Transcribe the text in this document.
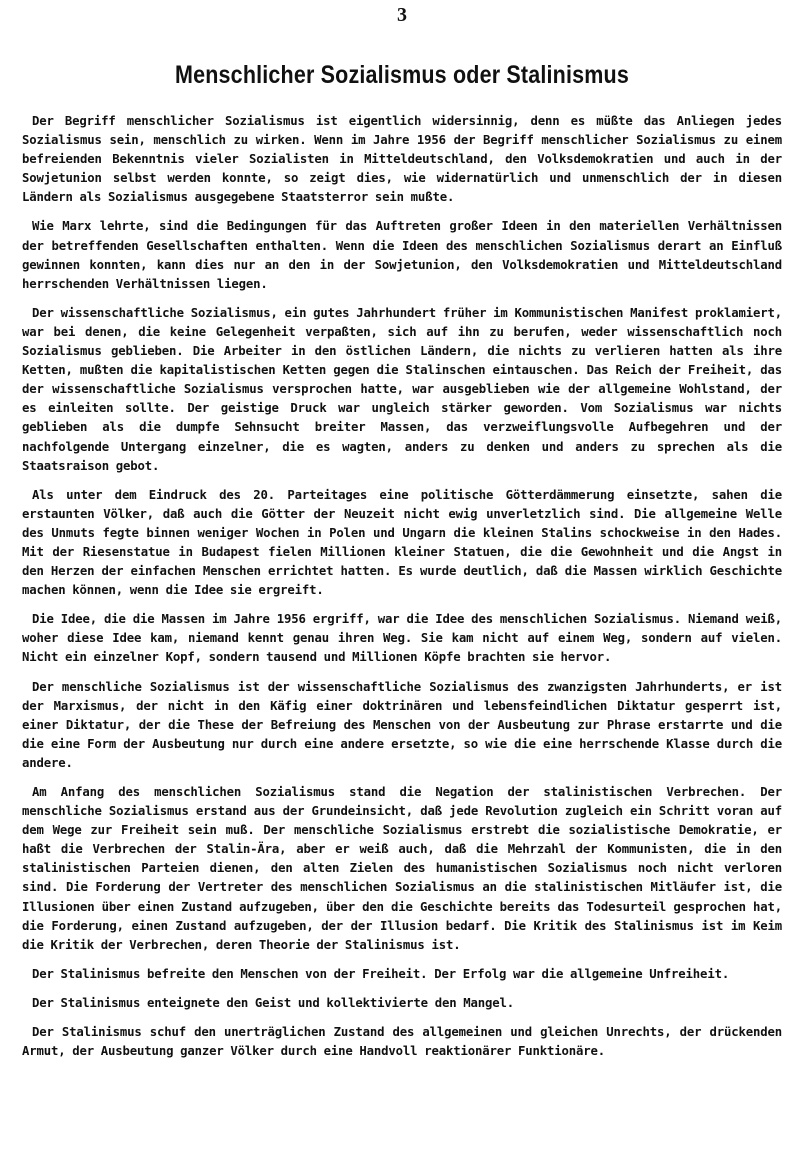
3
Menschlicher Sozialismus oder Stalinismus

Der Begriff menschlicher Sozialismus ist eigentlich widersinnig, denn es müßte das Anliegen jedes Sozialismus sein, menschlich zu wirken. Wenn im Jahre 1956 der Begriff menschlicher Sozialismus zu einem befreienden Bekenntnis vieler Sozialisten in Mitteldeutschland, den Volksdemokratien und auch in der Sowjetunion selbst werden konnte, so zeigt dies, wie widernatürlich und unmenschlich der in diesen Ländern als Sozialismus ausgegebene Staatsterror sein mußte.

Wie Marx lehrte, sind die Bedingungen für das Auftreten großer Ideen in den materiellen Verhältnissen der betreffenden Gesellschaften enthalten. Wenn die Ideen des menschlichen Sozialismus derart an Einfluß gewinnen konnten, kann dies nur an den in der Sowjetunion, den Volksdemokratien und Mitteldeutschland herrschenden Verhältnissen liegen.

Der wissenschaftliche Sozialismus, ein gutes Jahrhundert früher im Kommunistischen Manifest proklamiert, war bei denen, die keine Gelegenheit verpaßten, sich auf ihn zu berufen, weder wissenschaftlich noch Sozialismus geblieben. Die Arbeiter in den östlichen Ländern, die nichts zu verlieren hatten als ihre Ketten, mußten die kapitalistischen Ketten gegen die Stalinschen eintauschen. Das Reich der Freiheit, das der wissenschaftliche Sozialismus versprochen hatte, war ausgeblieben wie der allgemeine Wohlstand, der es einleiten sollte. Der geistige Druck war ungleich stärker geworden. Vom Sozialismus war nichts geblieben als die dumpfe Sehnsucht breiter Massen, das verzweiflungsvolle Aufbegehren und der nachfolgende Untergang einzelner, die es wagten, anders zu denken und anders zu sprechen als die Staatsraison gebot.

Als unter dem Eindruck des 20. Parteitages eine politische Götterdämmerung einsetzte, sahen die erstaunten Völker, daß auch die Götter der Neuzeit nicht ewig unverletzlich sind. Die allgemeine Welle des Unmuts fegte binnen weniger Wochen in Polen und Ungarn die kleinen Stalins schockweise in den Hades. Mit der Riesenstatue in Budapest fielen Millionen kleiner Statuen, die die Gewohnheit und die Angst in den Herzen der einfachen Menschen errichtet hatten. Es wurde deutlich, daß die Massen wirklich Geschichte machen können, wenn die Idee sie ergreift.

Die Idee, die die Massen im Jahre 1956 ergriff, war die Idee des menschlichen Sozialismus. Niemand weiß, woher diese Idee kam, niemand kennt genau ihren Weg. Sie kam nicht auf einem Weg, sondern auf vielen. Nicht ein einzelner Kopf, sondern tausend und Millionen Köpfe brachten sie hervor.

Der menschliche Sozialismus ist der wissenschaftliche Sozialismus des zwanzigsten Jahrhunderts, er ist der Marxismus, der nicht in den Käfig einer doktrinären und lebensfeindlichen Diktatur gesperrt ist, einer Diktatur, der die These der Befreiung des Menschen von der Ausbeutung zur Phrase erstarrte und die die eine Form der Ausbeutung nur durch eine andere ersetzte, so wie die eine herrschende Klasse durch die andere.

Am Anfang des menschlichen Sozialismus stand die Negation der stalinistischen Verbrechen. Der menschliche Sozialismus erstand aus der Grundeinsicht, daß jede Revolution zugleich ein Schritt voran auf dem Wege zur Freiheit sein muß. Der menschliche Sozialismus erstrebt die sozialistische Demokratie, er haßt die Verbrechen der Stalin-Ära, aber er weiß auch, daß die Mehrzahl der Kommunisten, die in den stalinistischen Parteien dienen, den alten Zielen des humanistischen Sozialismus noch nicht verloren sind. Die Forderung der Vertreter des menschlichen Sozialismus an die stalinistischen Mitläufer ist, die Illusionen über einen Zustand aufzugeben, über den die Geschichte bereits das Todesurteil gesprochen hat, die Forderung, einen Zustand aufzugeben, der der Illusion bedarf. Die Kritik des Stalinismus ist im Keim die Kritik der Verbrechen, deren Theorie der Stalinismus ist.

Der Stalinismus befreite den Menschen von der Freiheit. Der Erfolg war die allgemeine Unfreiheit.

Der Stalinismus enteignete den Geist und kollektivierte den Mangel.

Der Stalinismus schuf den unerträglichen Zustand des allgemeinen und gleichen Unrechts, der drückenden Armut, der Ausbeutung ganzer Völker durch eine Handvoll reaktionärer Funktionäre.
